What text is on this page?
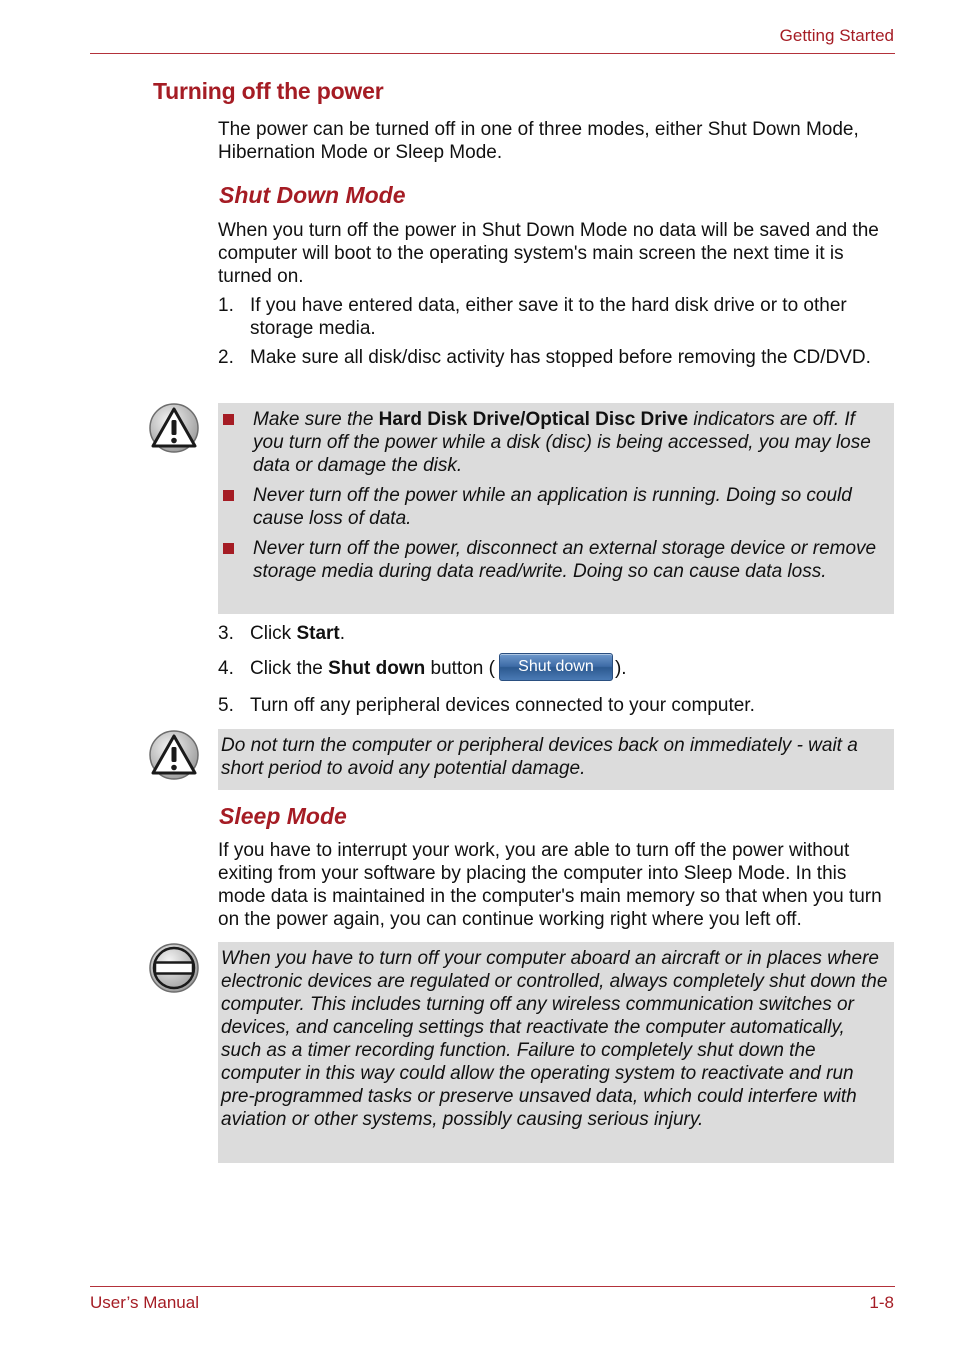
Getting Started
Turning off the power
The power can be turned off in one of three modes, either Shut Down Mode, Hibernation Mode or Sleep Mode.
Shut Down Mode
When you turn off the power in Shut Down Mode no data will be saved and the computer will boot to the operating system's main screen the next time it is turned on.
1. If you have entered data, either save it to the hard disk drive or to other storage media.
2. Make sure all disk/disc activity has stopped before removing the CD/DVD.
Make sure the Hard Disk Drive/Optical Disc Drive indicators are off. If you turn off the power while a disk (disc) is being accessed, you may lose data or damage the disk.
Never turn off the power while an application is running. Doing so could cause loss of data.
Never turn off the power, disconnect an external storage device or remove storage media during data read/write. Doing so can cause data loss.
3. Click Start.
4. Click the Shut down button ( Shut down ).
5. Turn off any peripheral devices connected to your computer.
Do not turn the computer or peripheral devices back on immediately - wait a short period to avoid any potential damage.
Sleep Mode
If you have to interrupt your work, you are able to turn off the power without exiting from your software by placing the computer into Sleep Mode. In this mode data is maintained in the computer's main memory so that when you turn on the power again, you can continue working right where you left off.
When you have to turn off your computer aboard an aircraft or in places where electronic devices are regulated or controlled, always completely shut down the computer. This includes turning off any wireless communication switches or devices, and canceling settings that reactivate the computer automatically, such as a timer recording function. Failure to completely shut down the computer in this way could allow the operating system to reactivate and run pre-programmed tasks or preserve unsaved data, which could interfere with aviation or other systems, possibly causing serious injury.
User’s Manual	1-8
